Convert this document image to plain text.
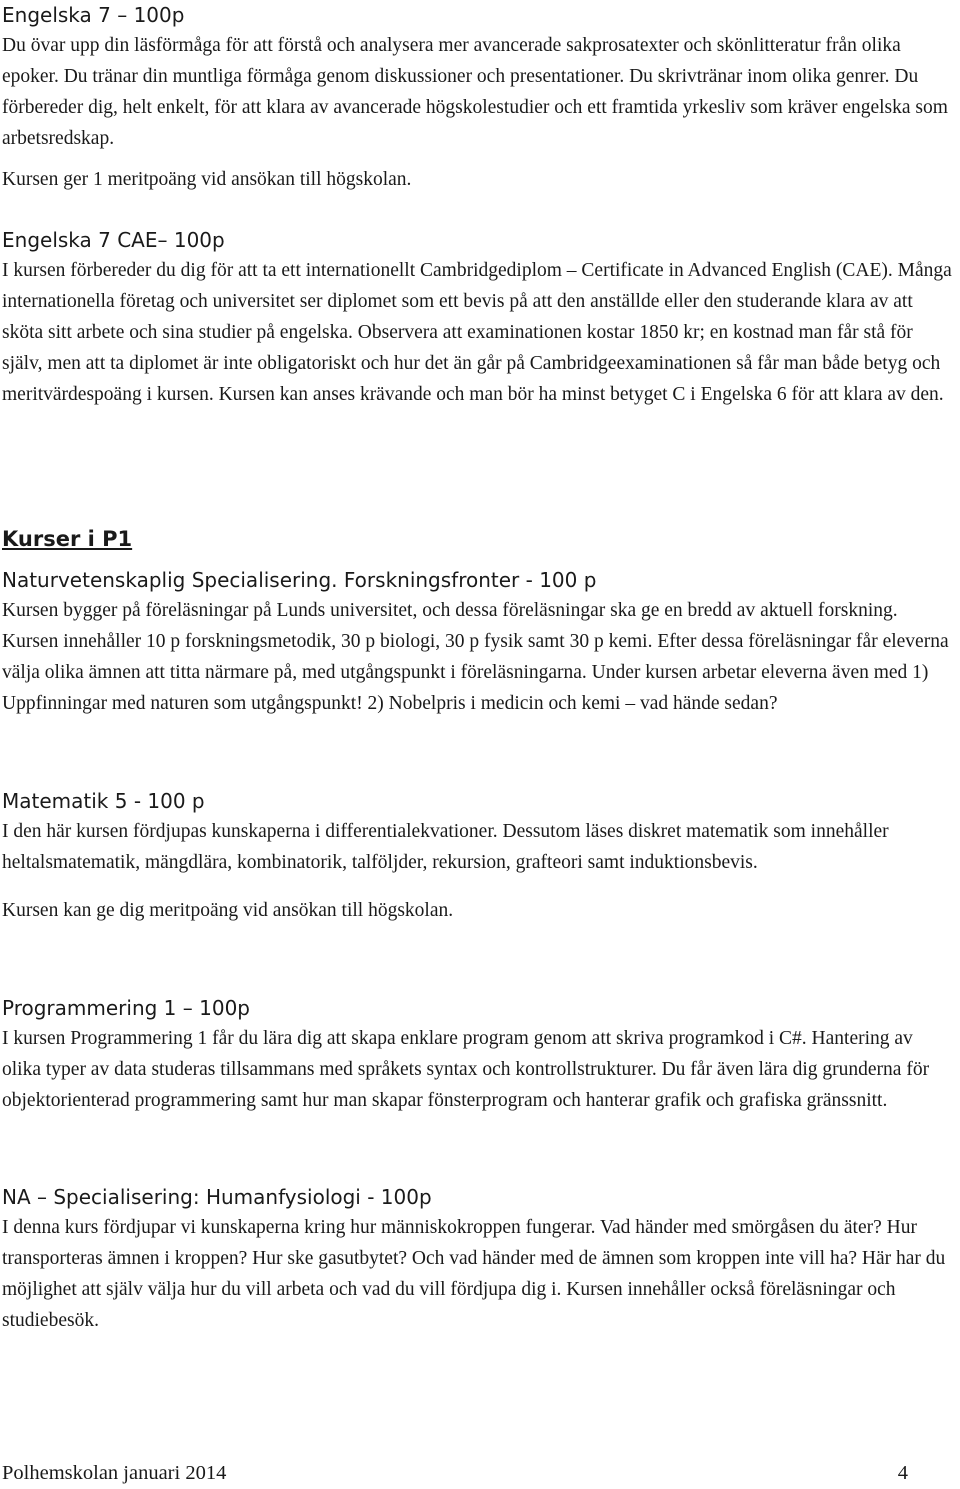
Engelska 7 – 100p

Du övar upp din läsförmåga för att förstå och analysera mer avancerade sakprosatexter och skönlitteratur från olika epoker. Du tränar din muntliga förmåga genom diskussioner och presentationer. Du skrivtränar inom olika genrer. Du förbereder dig, helt enkelt, för att klara av avancerade högskolestudier och ett framtida yrkesliv som kräver engelska som arbetsredskap.

Kursen ger 1 meritpoäng vid ansökan till högskolan.

Engelska 7 CAE– 100p

I kursen förbereder du dig för att ta ett internationellt Cambridgediplom – Certificate in Advanced English (CAE). Många internationella företag och universitet ser diplomet som ett bevis på att den anställde eller den studerande klara av att sköta sitt arbete och sina studier på engelska. Observera att examinationen kostar 1850 kr; en kostnad man får stå för själv, men att ta diplomet är inte obligatoriskt och hur det än går på Cambridgeexaminationen så får man både betyg och meritvärdespoäng i kursen. Kursen kan anses krävande och man bör ha minst betyget C i Engelska 6 för att klara av den.

Kurser i P1
Naturvetenskaplig Specialisering. Forskningsfronter - 100 p

Kursen bygger på föreläsningar på Lunds universitet, och dessa föreläsningar ska ge en bredd av aktuell forskning. Kursen innehåller 10 p forskningsmetodik, 30 p biologi, 30 p fysik samt 30 p kemi. Efter dessa föreläsningar får eleverna välja olika ämnen att titta närmare på, med utgångspunkt i föreläsningarna. Under kursen arbetar eleverna även med 1) Uppfinningar med naturen som utgångspunkt! 2) Nobelpris i medicin och kemi – vad hände sedan?

Matematik 5 - 100 p

I den här kursen fördjupas kunskaperna i differentialekvationer. Dessutom läses diskret matematik som innehåller heltalsmatematik, mängdlära, kombinatorik, talföljder, rekursion, grafteori samt induktionsbevis.

Kursen kan ge dig meritpoäng vid ansökan till högskolan.

Programmering 1 – 100p

I kursen Programmering 1 får du lära dig att skapa enklare program genom att skriva programkod i C#. Hantering av olika typer av data studeras tillsammans med språkets syntax och kontrollstrukturer. Du får även lära dig grunderna för objektorienterad programmering samt hur man skapar fönsterprogram och hanterar grafik och grafiska gränssnitt.

NA – Specialisering: Humanfysiologi - 100p

I denna kurs fördjupar vi kunskaperna kring hur människokroppen fungerar. Vad händer med smörgåsen du äter? Hur transporteras ämnen i kroppen? Hur ske gasutbytet? Och vad händer med de ämnen som kroppen inte vill ha? Här har du möjlighet att själv välja hur du vill arbeta och vad du vill fördjupa dig i. Kursen innehåller också föreläsningar och studiebesök.

Polhemskolan januari 2014	4
